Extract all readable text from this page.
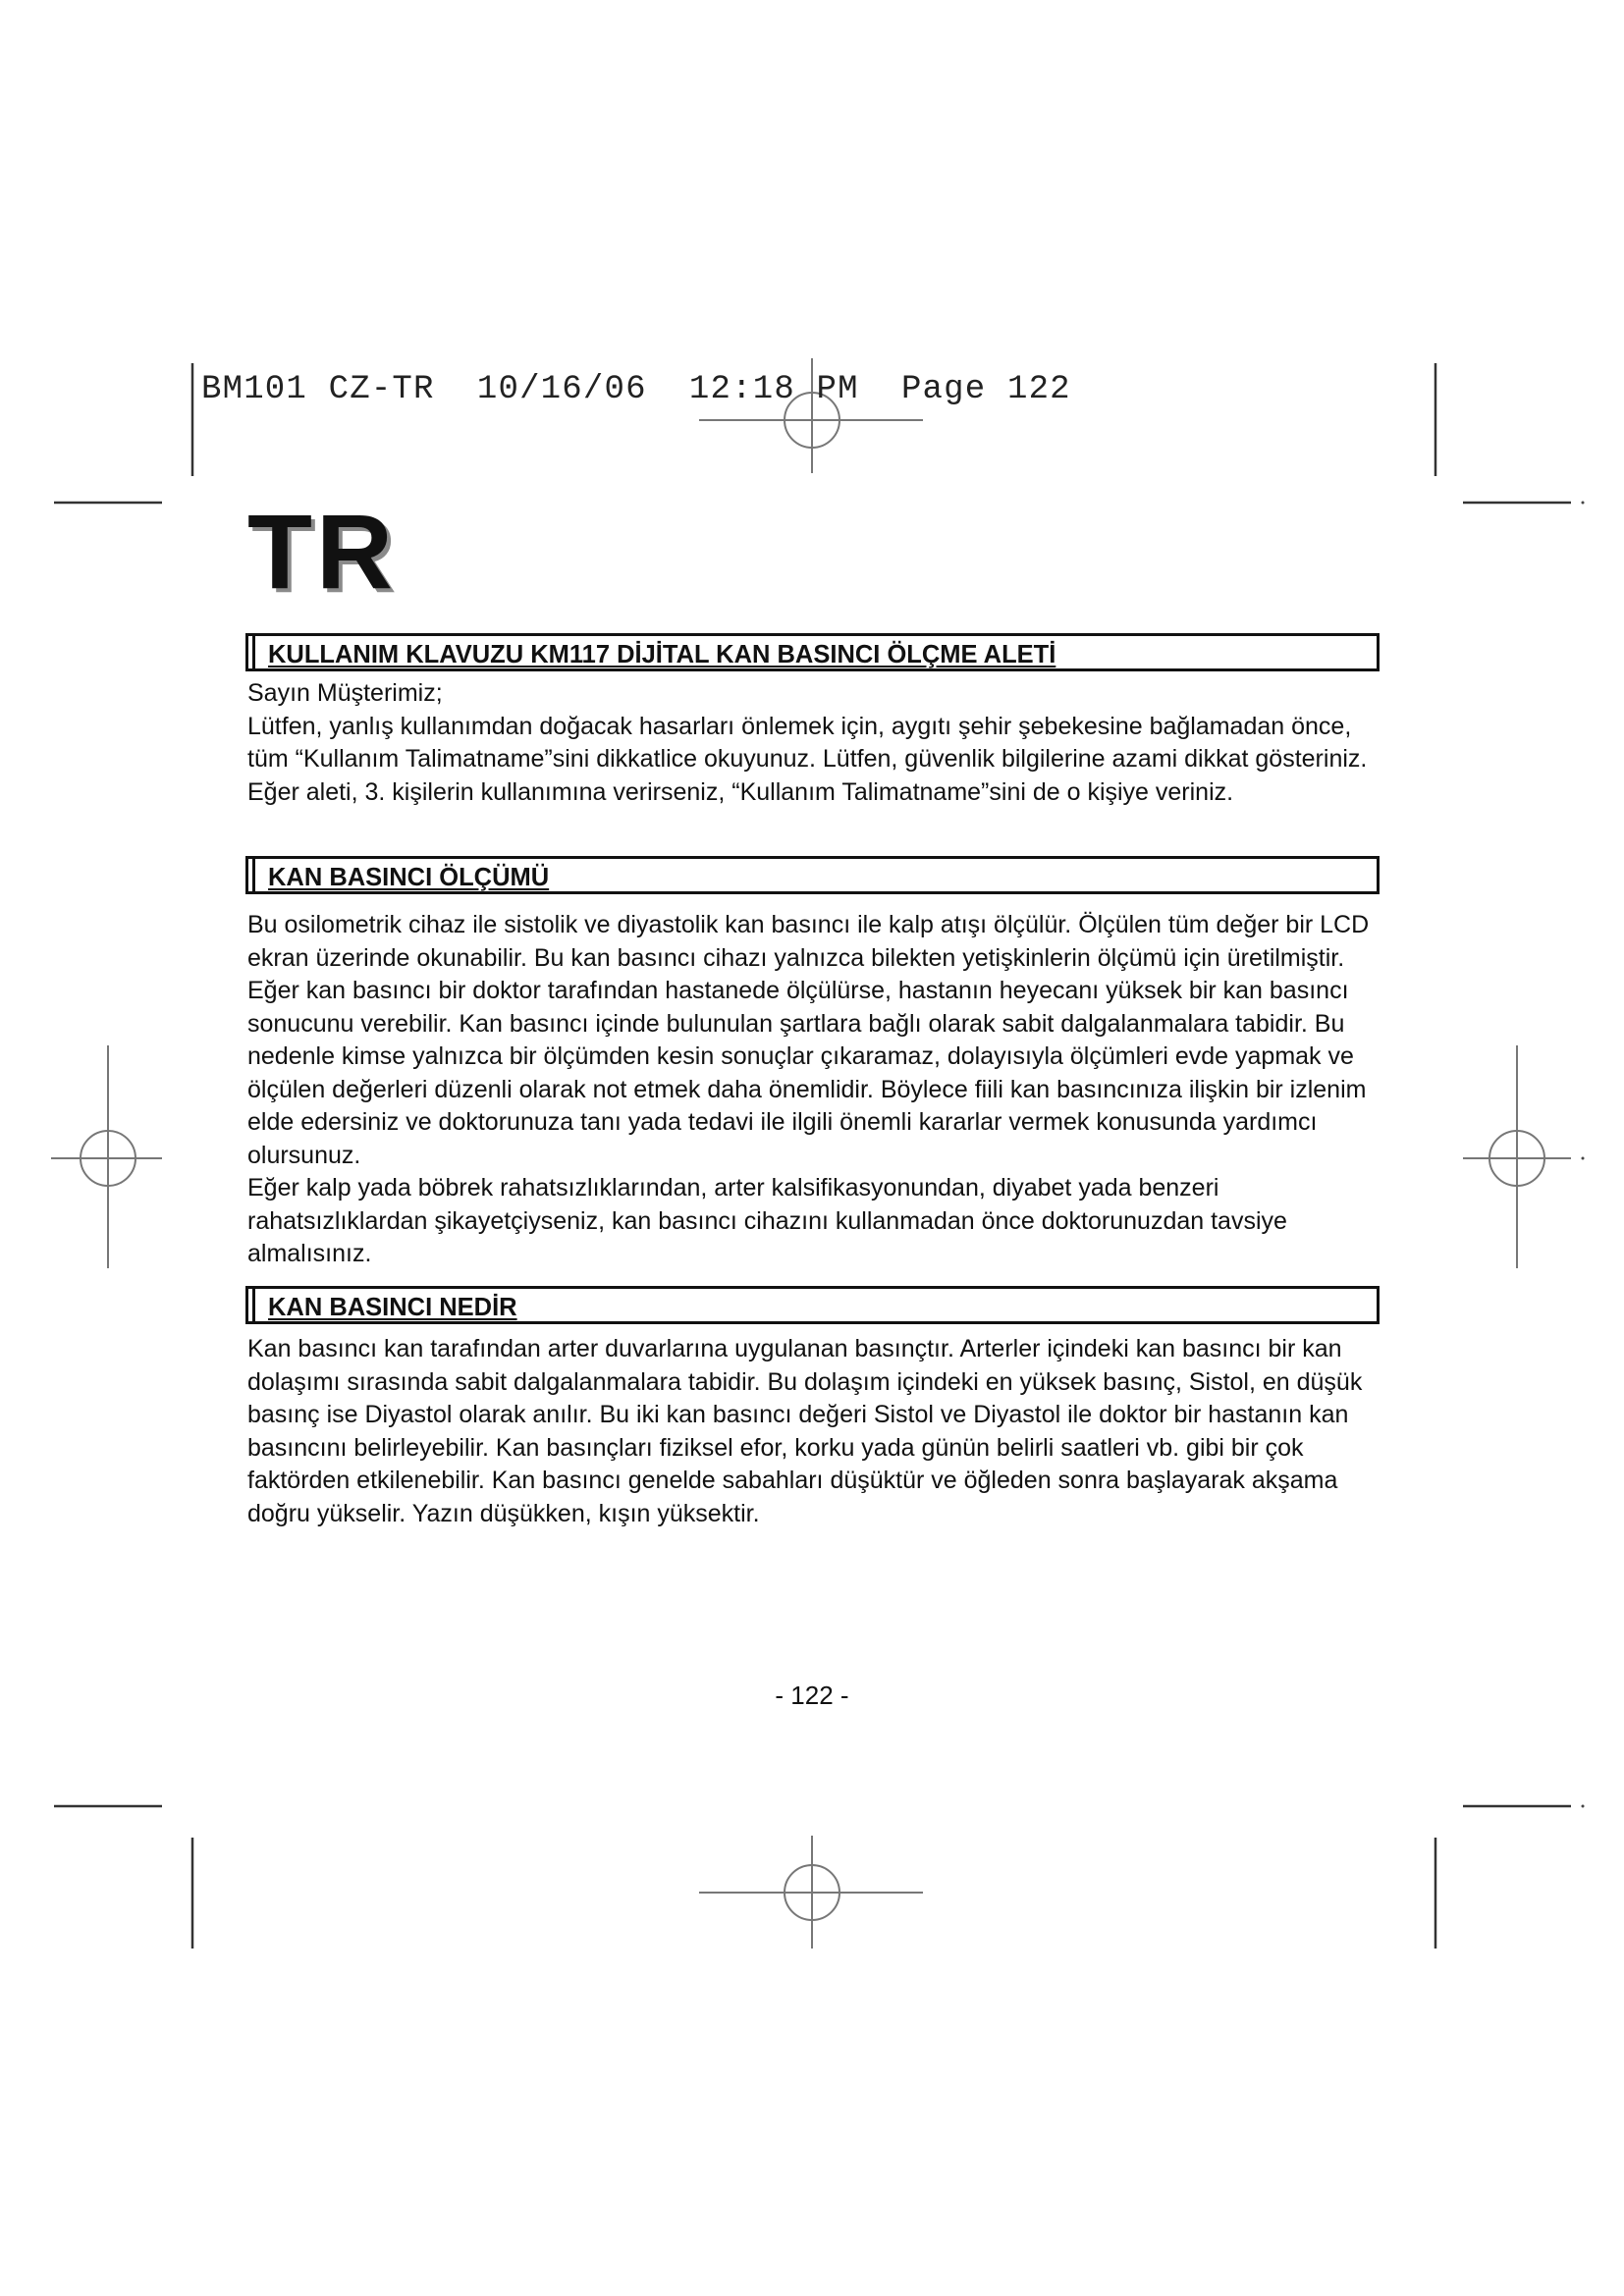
BM101 CZ-TR 10/16/06 12:18 PM Page 122
TR
KULLANIM KLAVUZU KM117 DİJİTAL KAN BASINCI ÖLÇME ALETİ

Sayın Müşterimiz;

Lütfen, yanlış kullanımdan doğacak hasarları önlemek için, aygıtı şehir şebekesine bağlamadan önce, tüm “Kullanım Talimatname”sini dikkatlice okuyunuz. Lütfen, güvenlik bilgilerine azami dikkat gösteriniz. Eğer aleti, 3. kişilerin kullanımına verirseniz, “Kullanım Talimatname”sini de o kişiye veriniz.

KAN BASINCI ÖLÇÜMÜ

Bu osilometrik cihaz ile sistolik ve diyastolik kan basıncı ile kalp atışı ölçülür. Ölçülen tüm değer bir LCD ekran üzerinde okunabilir. Bu kan basıncı cihazı yalnızca bilekten yetişkinlerin ölçümü için üretilmiştir. Eğer kan basıncı bir doktor tarafından hastanede ölçülürse, hastanın heyecanı yüksek bir kan basıncı sonucunu verebilir. Kan basıncı içinde bulunulan şartlara bağlı olarak sabit dalgalanmalara tabidir. Bu nedenle kimse yalnızca bir ölçümden kesin sonuçlar çıkaramaz, dolayısıyla ölçümleri evde yapmak ve ölçülen değerleri düzenli olarak not etmek daha önemlidir. Böylece fiili kan basıncınıza ilişkin bir izlenim elde edersiniz ve doktorunuza tanı yada tedavi ile ilgili önemli kararlar vermek konusunda yardımcı olursunuz.

Eğer kalp yada böbrek rahatsızlıklarından, arter kalsifikasyonundan, diyabet yada benzeri rahatsızlıklardan şikayetçiyseniz, kan basıncı cihazını kullanmadan önce doktorunuzdan tavsiye almalısınız.

KAN BASINCI NEDİR

Kan basıncı kan tarafından arter duvarlarına uygulanan basınçtır. Arterler içindeki kan basıncı bir kan dolaşımı sırasında sabit dalgalanmalara tabidir. Bu dolaşım içindeki en yüksek basınç, Sistol, en düşük basınç ise Diyastol olarak anılır. Bu iki kan basıncı değeri Sistol ve Diyastol ile doktor bir hastanın kan basıncını belirleyebilir. Kan basınçları fiziksel efor, korku yada günün belirli saatleri vb. gibi bir çok faktörden etkilenebilir. Kan basıncı genelde sabahları düşüktür ve öğleden sonra başlayarak akşama doğru yükselir. Yazın düşükken, kışın yüksektir.

- 122 -
